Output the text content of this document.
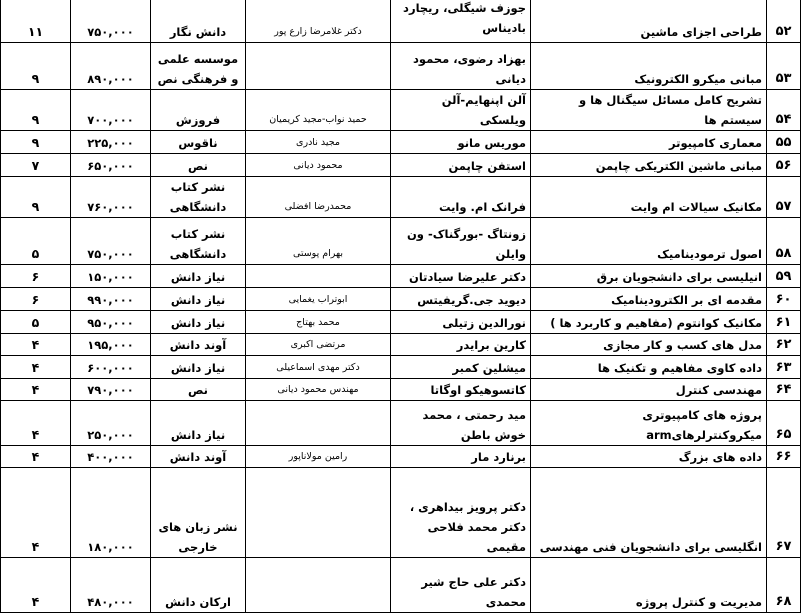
۵۲	طراحی اجزای ماشین	جوزف شیگلی، ریچارد بادیناس	دکتر غلامرضا زارع پور	دانش نگار	۷۵۰,۰۰۰	۱۱
۵۳	مبانی میکرو الکترونیک	بهزاد رضوی، محمود دیانی		موسسه علمی و فرهنگی نص	۸۹۰,۰۰۰	۹
۵۴	تشریح کامل مسائل سیگنال ها و سیستم ها	آلن اپنهایم-آلن ویلسکی	حمید نواب-مجید کریمیان	فروزش	۷۰۰,۰۰۰	۹
۵۵	معماری کامپیوتر	موریس مانو	مجید نادری	ناقوس	۲۲۵,۰۰۰	۹
۵۶	مبانی ماشین الکتریکی چاپمن	استفن چاپمن	محمود دیانی	نص	۶۵۰,۰۰۰	۷
۵۷	مکانیک سیالات ام وایت	فرانک ام. وایت	محمدرضا افضلی	نشر کتاب دانشگاهی	۷۶۰,۰۰۰	۹
۵۸	اصول ترمودینامیک	زونتاگ -بورگناک- ون وایلن	بهرام پوستی	نشر کتاب دانشگاهی	۷۵۰,۰۰۰	۵
۵۹	انیلیسی برای دانشجویان برق	دکتر علیرضا سیادتان		نیاز دانش	۱۵۰,۰۰۰	۶
۶۰	مقدمه ای بر الکترودینامیک	دیوید جی.گریفیتس	ابوتراب یغمایی	نیاز دانش	۹۹۰,۰۰۰	۶
۶۱	مکانیک کوانتوم (مفاهیم و کاربرد ها )	نورالدین زتیلی	محمد بهتاج	نیاز دانش	۹۵۰,۰۰۰	۵
۶۲	مدل های کسب و کار مجازی	کارین برایدر	مرتضی اکبری	آوند دانش	۱۹۵,۰۰۰	۴
۶۳	داده کاوی مفاهیم و تکنیک ها	میشلین کمبر	دکتر مهدی اسماعیلی	نیاز دانش	۶۰۰,۰۰۰	۴
۶۴	مهندسی کنترل	کاتسوهیکو اوگاتا	مهندس محمود دیانی	نص	۷۹۰,۰۰۰	۴
۶۵	پروژه های کامپیوتری میکروکنترلرهایarm	مید رحمتی ، محمد خوش باطن		نیاز دانش	۲۵۰,۰۰۰	۴
۶۶	داده های بزرگ	برنارد مار	رامین مولاناپور	آوند دانش	۴۰۰,۰۰۰	۴
۶۷	انگلیسی برای دانشجویان فنی مهندسی	دکتر پرویز بیداهری ، دکتر محمد فلاحی مقیمی		نشر زبان های خارجی	۱۸۰,۰۰۰	۴
۶۸	مدیریت و کنترل پروژه	دکتر علی حاج شیر محمدی		ارکان دانش	۴۸۰,۰۰۰	۴
